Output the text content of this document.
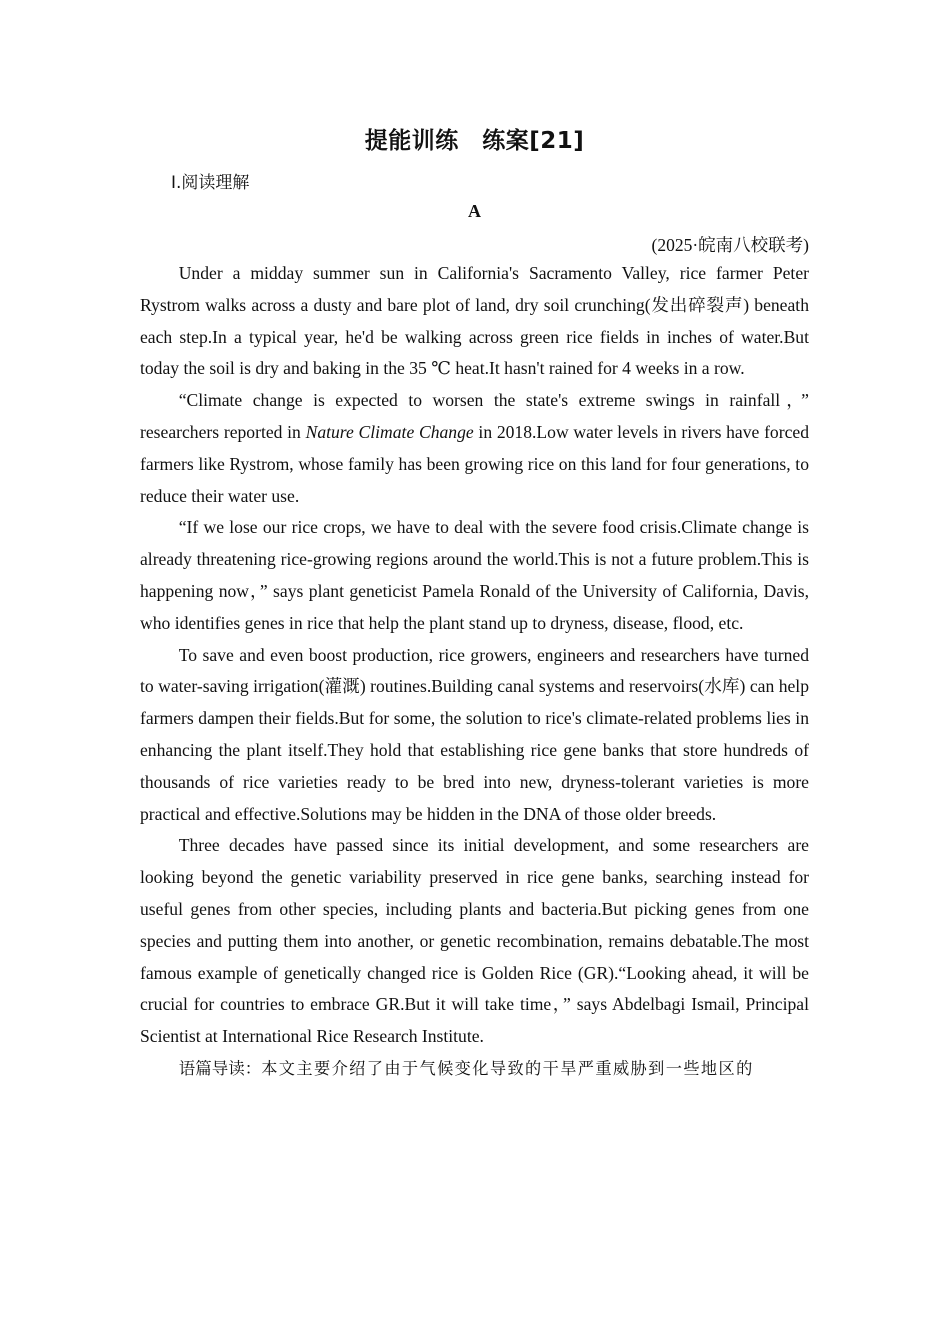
提能训练　练案[21]
Ⅰ.阅读理解
A
(2025·皖南八校联考)

Under a midday summer sun in California's Sacramento Valley, rice farmer Peter Rystrom walks across a dusty and bare plot of land, dry soil crunching(发出碎裂声) beneath each step.In a typical year, he'd be walking across green rice fields in inches of water.But today the soil is dry and baking in the 35 ℃ heat.It hasn't rained for 4 weeks in a row.

“Climate change is expected to worsen the state's extreme swings in rainfall，” researchers reported in Nature Climate Change in 2018.Low water levels in rivers have forced farmers like Rystrom, whose family has been growing rice on this land for four generations, to reduce their water use.

“If we lose our rice crops, we have to deal with the severe food crisis.Climate change is already threatening rice-growing regions around the world.This is not a future problem.This is happening now，” says plant geneticist Pamela Ronald of the University of California, Davis, who identifies genes in rice that help the plant stand up to dryness, disease, flood, etc.

To save and even boost production, rice growers, engineers and researchers have turned to water-saving irrigation(灌溉) routines.Building canal systems and reservoirs(水库) can help farmers dampen their fields.But for some, the solution to rice's climate-related problems lies in enhancing the plant itself.They hold that establishing rice gene banks that store hundreds of thousands of rice varieties ready to be bred into new, dryness-tolerant varieties is more practical and effective.Solutions may be hidden in the DNA of those older breeds.

Three decades have passed since its initial development, and some researchers are looking beyond the genetic variability preserved in rice gene banks, searching instead for useful genes from other species, including plants and bacteria.But picking genes from one species and putting them into another, or genetic recombination, remains debatable.The most famous example of genetically changed rice is Golden Rice (GR).“Looking ahead, it will be crucial for countries to embrace GR.But it will take time，” says Abdelbagi Ismail, Principal Scientist at International Rice Research Institute.

语篇导读：本文主要介绍了由于气候变化导致的干旱严重威胁到一些地区的
